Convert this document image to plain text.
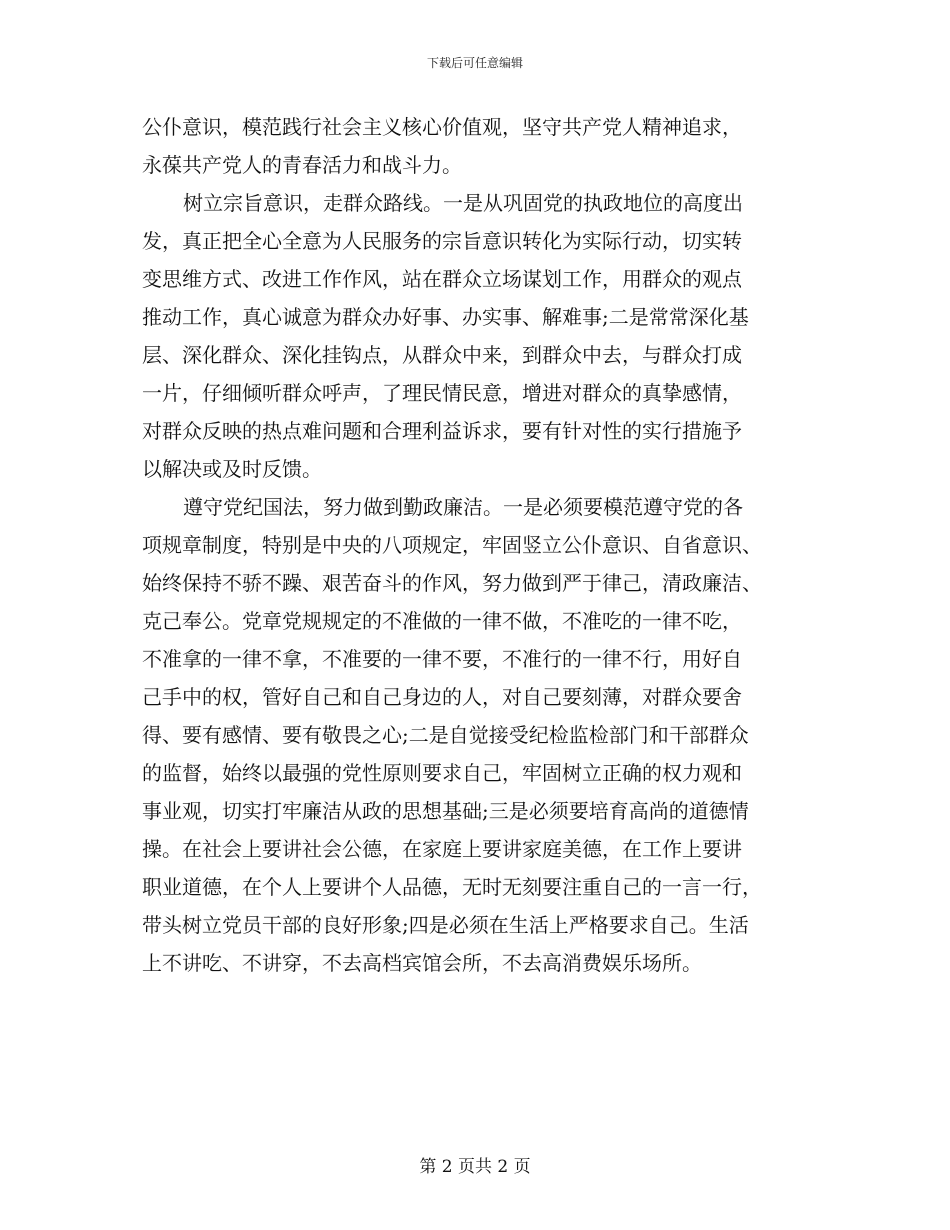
下载后可任意编辑
公仆意识，模范践行社会主义核心价值观，坚守共产党人精神追求，
永葆共产党人的青春活力和战斗力。
树立宗旨意识，走群众路线。一是从巩固党的执政地位的高度出
发，真正把全心全意为人民服务的宗旨意识转化为实际行动，切实转
变思维方式、改进工作作风，站在群众立场谋划工作，用群众的观点
推动工作，真心诚意为群众办好事、办实事、解难事;二是常常深化基
层、深化群众、深化挂钩点，从群众中来，到群众中去，与群众打成
一片，仔细倾听群众呼声，了理民情民意，增进对群众的真挚感情，
对群众反映的热点难问题和合理利益诉求，要有针对性的实行措施予
以解决或及时反馈。
遵守党纪国法，努力做到勤政廉洁。一是必须要模范遵守党的各
项规章制度，特别是中央的八项规定，牢固竖立公仆意识、自省意识、
始终保持不骄不躁、艰苦奋斗的作风，努力做到严于律己，清政廉洁、
克己奉公。党章党规规定的不准做的一律不做，不准吃的一律不吃，
不准拿的一律不拿，不准要的一律不要，不准行的一律不行，用好自
己手中的权，管好自己和自己身边的人，对自己要刻薄，对群众要舍
得、要有感情、要有敬畏之心;二是自觉接受纪检监检部门和干部群众
的监督，始终以最强的党性原则要求自己，牢固树立正确的权力观和
事业观，切实打牢廉洁从政的思想基础;三是必须要培育高尚的道德情
操。在社会上要讲社会公德，在家庭上要讲家庭美德，在工作上要讲
职业道德，在个人上要讲个人品德，无时无刻要注重自己的一言一行，
带头树立党员干部的良好形象;四是必须在生活上严格要求自己。生活
上不讲吃、不讲穿，不去高档宾馆会所，不去高消费娱乐场所。
第 2 页共 2 页
